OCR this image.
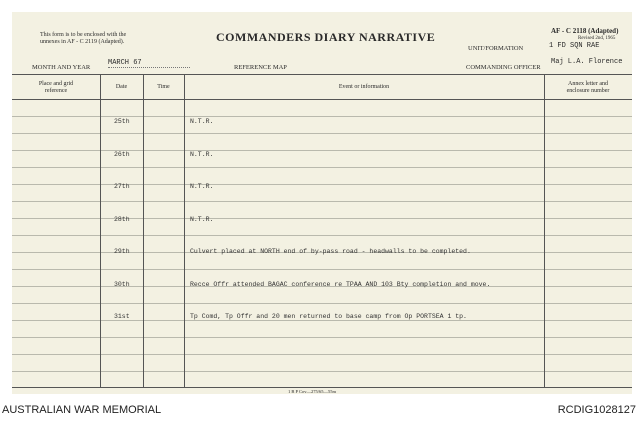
This form is to be enclosed with the
unnexes in AF - C 2119 (Adapted).	COMMANDERS DIARY NARRATIVE	AF - C 2118 (Adapted)
Revised 2nd, 1965
UNIT/FORMATION	1 FD SQN RAE
MONTH AND YEAR
MARCH 67
REFERENCE MAP	COMMANDING OFFICER
Maj L.A. Florence
Place and grid
reference
Date	Time	Event or information	Annex letter and
enclosure number
25th	N.T.R.
26th	N.T.R.
27th	N.T.R.
28th	N.T.R.
29th	Culvert placed at NORTH end of by-pass road - headwalls to be completed.
30th	Recce Offr attended BAGAC conference re TPAA AND 103 Bty completion and move.
31st	Tp Comd, Tp Offr and 20 men returned to base camp from Op PORTSEA 1 tp.
1 B P Cov—275/65—55m
AUSTRALIAN WAR MEMORIAL	RCDIG1028127
